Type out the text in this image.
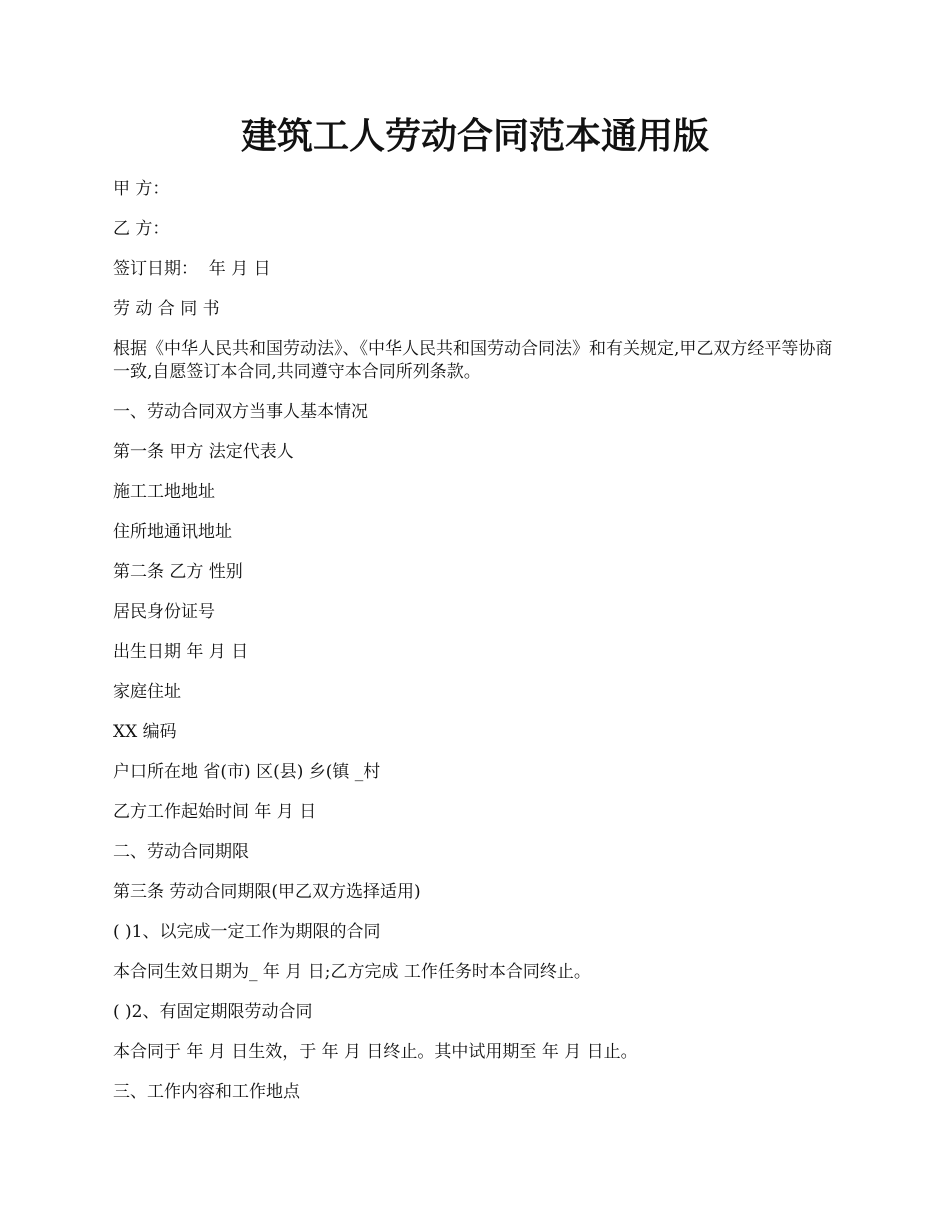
建筑工人劳动合同范本通用版

甲 方：

乙 方：

签订日期：  年 月 日

劳 动 合 同 书

根据《中华人民共和国劳动法》、《中华人民共和国劳动合同法》和有关规定,甲乙双方经平等协商一致,自愿签订本合同,共同遵守本合同所列条款。

一、劳动合同双方当事人基本情况

第一条 甲方 法定代表人

施工工地地址

住所地通讯地址

第二条 乙方 性别

居民身份证号

出生日期 年 月 日

家庭住址

XX 编码

户口所在地 省(市) 区(县) 乡(镇 _村

乙方工作起始时间 年 月 日

二、劳动合同期限

第三条 劳动合同期限(甲乙双方选择适用)

( )1、以完成一定工作为期限的合同

本合同生效日期为_ 年 月 日;乙方完成 工作任务时本合同终止。

( )2、有固定期限劳动合同

本合同于 年 月 日生效，于 年 月 日终止。其中试用期至 年 月 日止。

三、工作内容和工作地点
